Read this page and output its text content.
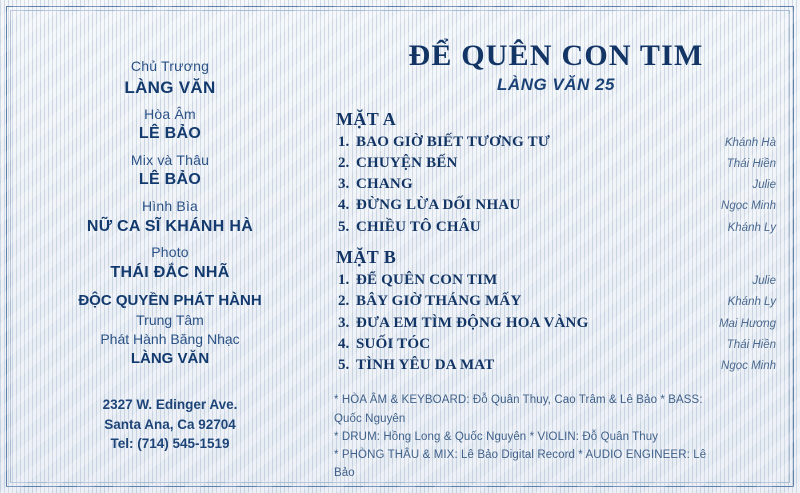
Chủ Trương
LÀNG VĂN
Hòa Âm
LÊ BẢO
Mix và Thâu
LÊ BẢO
Hình Bìa
NỮ CA SĨ KHÁNH HÀ
Photo
THÁI ĐẮC NHÃ
ĐỘC QUYỀN PHÁT HÀNH
Trung Tâm
Phát Hành Băng Nhạc
LÀNG VĂN
2327 W. Edinger Ave.
Santa Ana, Ca 92704
Tel: (714) 545-1519
ĐỂ QUÊN CON TIM
LÀNG VĂN 25
MẶT A
1. BAO GIỜ BIẾT TƯƠNG TƯ	Khánh Hà
2. CHUYỆN BẾN	Thái Hiền
3. CHANG	Julie
4. ĐỪNG LỪA DỐI NHAU	Ngọc Minh
5. CHIỀU TÔ CHÂU	Khánh Ly
MẶT B
1. ĐỂ QUÊN CON TIM	Julie
2. BÂY GIỜ THÁNG MẤY	Khánh Ly
3. ĐƯA EM TÌM ĐỘNG HOA VÀNG	Mai Hương
4. SUỐI TÓC	Thái Hiền
5. TÌNH YÊU DA MAT	Ngọc Minh
* HÒA ÂM & KEYBOARD: Đỗ Quân Thuy, Cao Trâm & Lê Bảo * BASS:
Quốc Nguyên
* DRUM: Hồng Long & Quốc Nguyên * VIOLIN: Đỗ Quân Thuy
* PHÒNG THÂU & MIX: Lê Bảo Digital Record * AUDIO ENGINEER: Lê
Bảo
